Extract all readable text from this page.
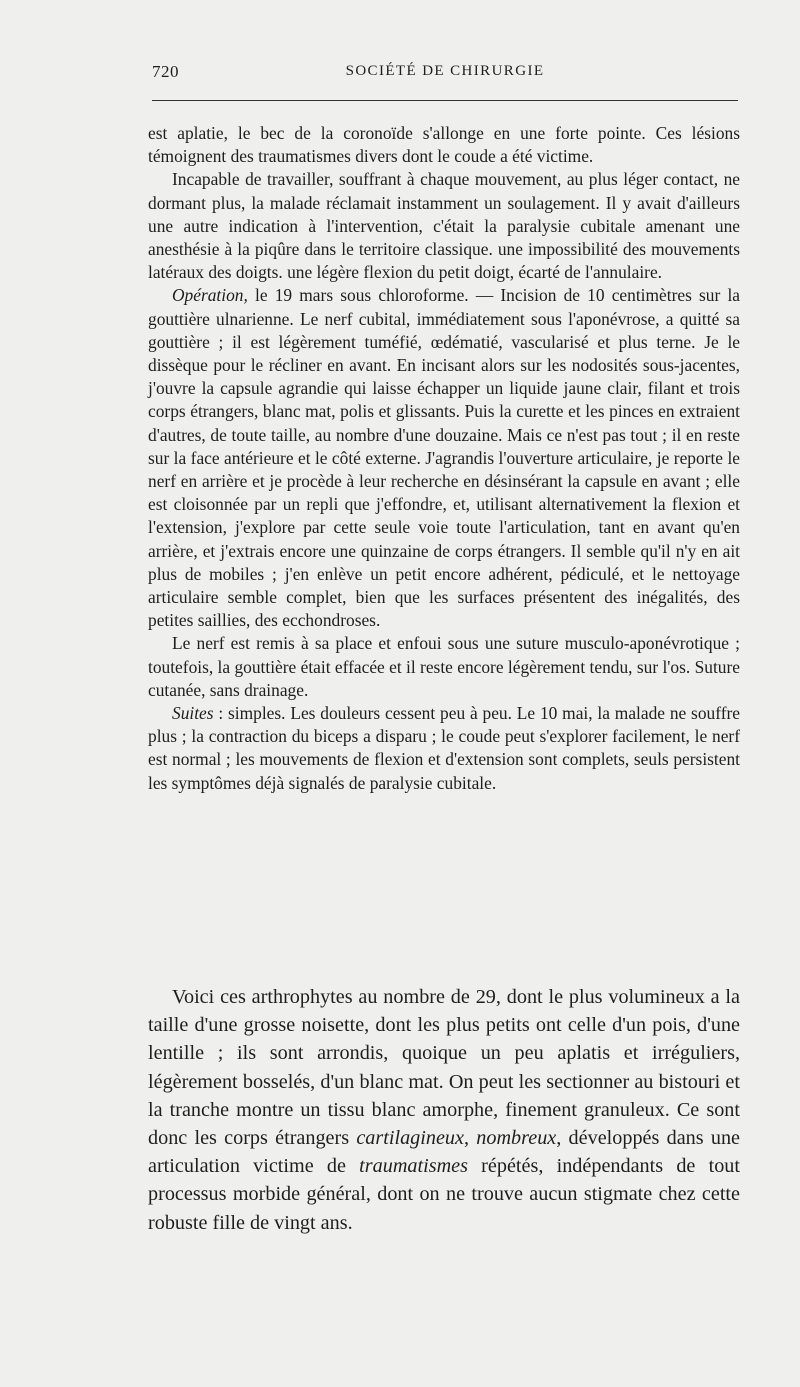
720	SOCIÉTÉ DE CHIRURGIE

est aplatie, le bec de la coronoïde s'allonge en une forte pointe. Ces lésions témoignent des traumatismes divers dont le coude a été victime.

Incapable de travailler, souffrant à chaque mouvement, au plus léger contact, ne dormant plus, la malade réclamait instamment un soulagement. Il y avait d'ailleurs une autre indication à l'intervention, c'était la paralysie cubitale amenant une anesthésie à la piqûre dans le territoire classique. une impossibilité des mouvements latéraux des doigts. une légère flexion du petit doigt, écarté de l'annulaire.

Opération, le 19 mars sous chloroforme. — Incision de 10 centimètres sur la gouttière ulnarienne. Le nerf cubital, immédiatement sous l'aponévrose, a quitté sa gouttière ; il est légèrement tuméfié, œdématié, vascularisé et plus terne. Je le dissèque pour le récliner en avant. En incisant alors sur les nodosités sous-jacentes, j'ouvre la capsule agrandie qui laisse échapper un liquide jaune clair, filant et trois corps étrangers, blanc mat, polis et glissants. Puis la curette et les pinces en extraient d'autres, de toute taille, au nombre d'une douzaine. Mais ce n'est pas tout ; il en reste sur la face antérieure et le côté externe. J'agrandis l'ouverture articulaire, je reporte le nerf en arrière et je procède à leur recherche en désinsérant la capsule en avant ; elle est cloisonnée par un repli que j'effondre, et, utilisant alternativement la flexion et l'extension, j'explore par cette seule voie toute l'articulation, tant en avant qu'en arrière, et j'extrais encore une quinzaine de corps étrangers. Il semble qu'il n'y en ait plus de mobiles ; j'en enlève un petit encore adhérent, pédiculé, et le nettoyage articulaire semble complet, bien que les surfaces présentent des inégalités, des petites saillies, des ecchondroses.

Le nerf est remis à sa place et enfoui sous une suture musculo-aponévrotique ; toutefois, la gouttière était effacée et il reste encore légèrement tendu, sur l'os. Suture cutanée, sans drainage.

Suites : simples. Les douleurs cessent peu à peu. Le 10 mai, la malade ne souffre plus ; la contraction du biceps a disparu ; le coude peut s'explorer facilement, le nerf est normal ; les mouvements de flexion et d'extension sont complets, seuls persistent les symptômes déjà signalés de paralysie cubitale.

Voici ces arthrophytes au nombre de 29, dont le plus volumineux a la taille d'une grosse noisette, dont les plus petits ont celle d'un pois, d'une lentille ; ils sont arrondis, quoique un peu aplatis et irréguliers, légèrement bosselés, d'un blanc mat. On peut les sectionner au bistouri et la tranche montre un tissu blanc amorphe, finement granuleux. Ce sont donc les corps étrangers cartilagineux, nombreux, développés dans une articulation victime de traumatismes répétés, indépendants de tout processus morbide général, dont on ne trouve aucun stigmate chez cette robuste fille de vingt ans.
